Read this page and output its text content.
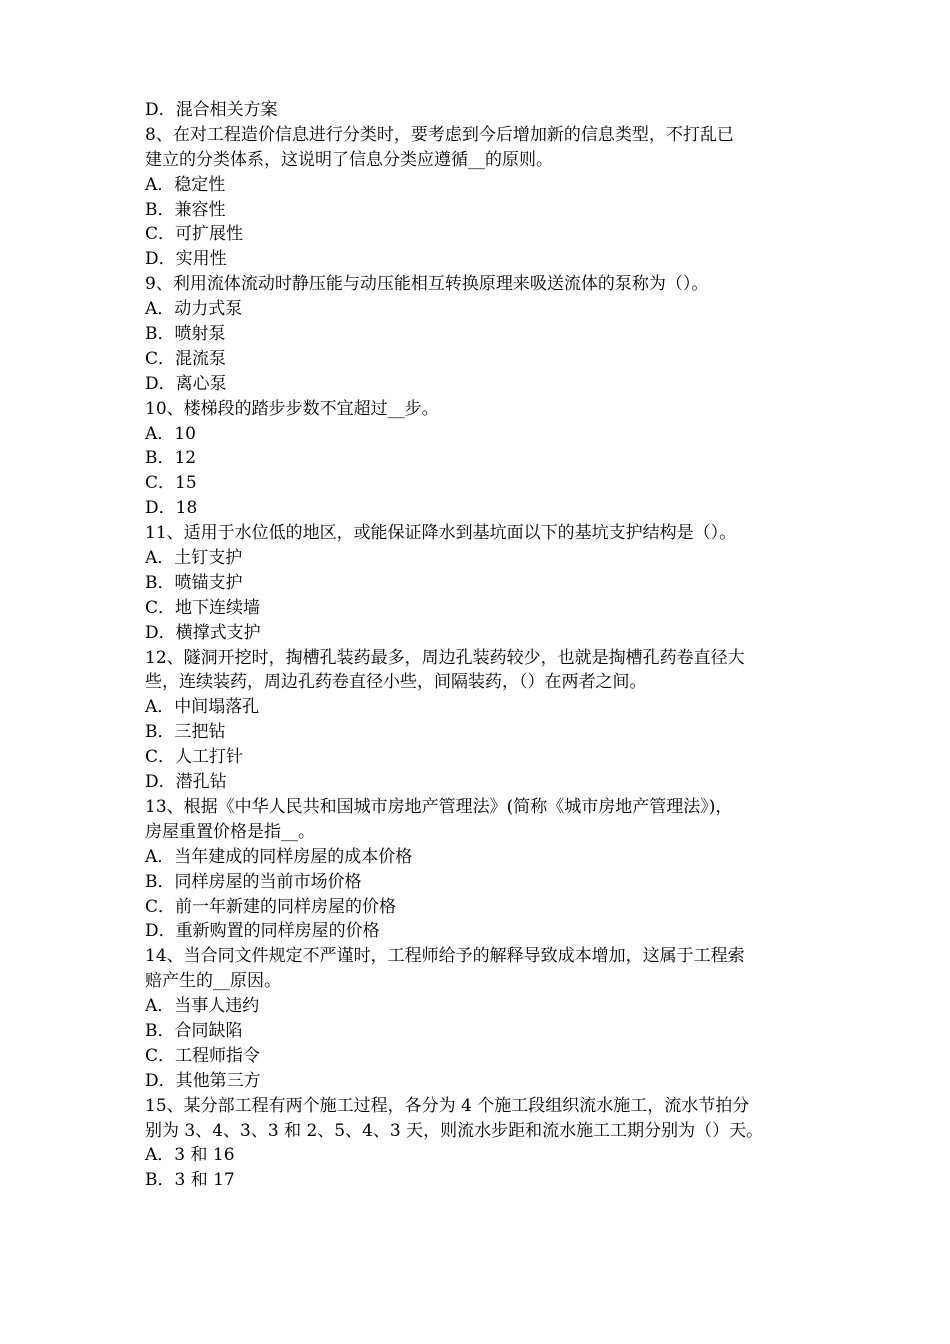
D．混合相关方案
8、在对工程造价信息进行分类时，要考虑到今后增加新的信息类型，不打乱已
建立的分类体系，这说明了信息分类应遵循__的原则。
A．稳定性
B．兼容性
C．可扩展性
D．实用性
9、利用流体流动时静压能与动压能相互转换原理来吸送流体的泵称为（）。
A．动力式泵
B．喷射泵
C．混流泵
D．离心泵
10、楼梯段的踏步步数不宜超过__步。
A．10
B．12
C．15
D．18
11、适用于水位低的地区，或能保证降水到基坑面以下的基坑支护结构是（）。
A．土钉支护
B．喷锚支护
C．地下连续墙
D．横撑式支护
12、隧洞开挖时，掏槽孔装药最多，周边孔装药较少，也就是掏槽孔药卷直径大
些，连续装药，周边孔药卷直径小些，间隔装药，（）在两者之间。
A．中间塌落孔
B．三把钻
C．人工打针
D．潜孔钻
13、根据《中华人民共和国城市房地产管理法》(简称《城市房地产管理法》)，
房屋重置价格是指__。
A．当年建成的同样房屋的成本价格
B．同样房屋的当前市场价格
C．前一年新建的同样房屋的价格
D．重新购置的同样房屋的价格
14、当合同文件规定不严谨时，工程师给予的解释导致成本增加，这属于工程索
赔产生的__原因。
A．当事人违约
B．合同缺陷
C．工程师指令
D．其他第三方
15、某分部工程有两个施工过程，各分为 4 个施工段组织流水施工，流水节拍分
别为 3、4、3、3 和 2、5、4、3 天，则流水步距和流水施工工期分别为（）天。
A．3 和 16
B．3 和 17
